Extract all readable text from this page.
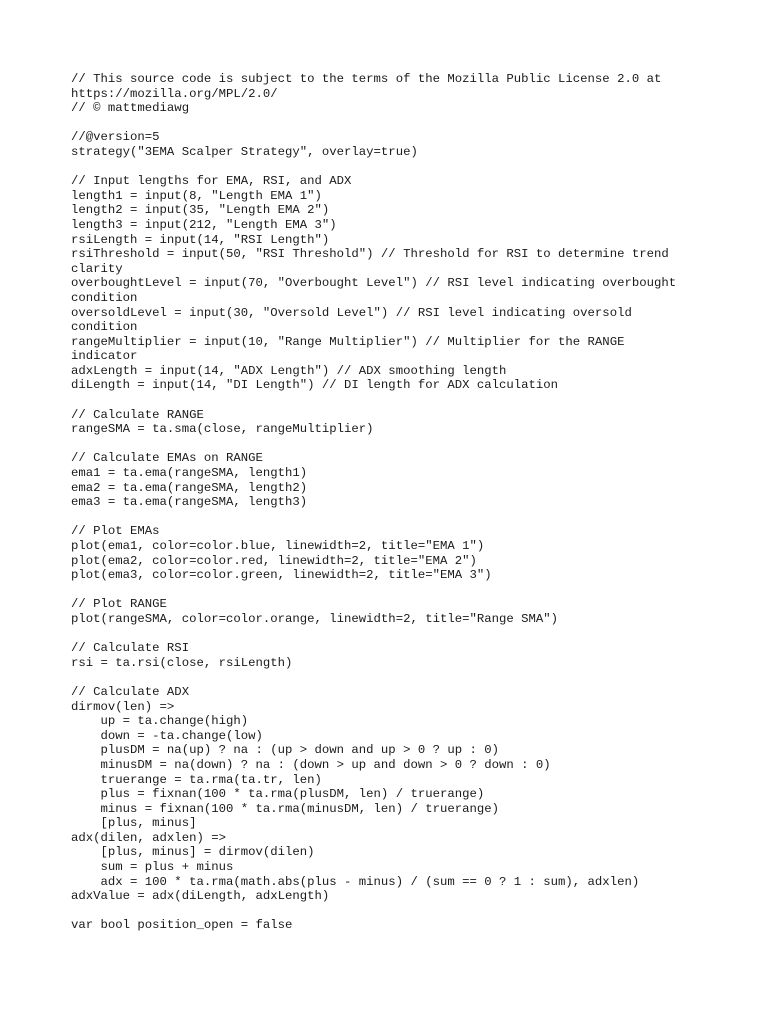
// This source code is subject to the terms of the Mozilla Public License 2.0 at
https://mozilla.org/MPL/2.0/
// © mattmediawg
//@version=5
strategy("3EMA Scalper Strategy", overlay=true)
// Input lengths for EMA, RSI, and ADX
length1 = input(8, "Length EMA 1")
length2 = input(35, "Length EMA 2")
length3 = input(212, "Length EMA 3")
rsiLength = input(14, "RSI Length")
rsiThreshold = input(50, "RSI Threshold") // Threshold for RSI to determine trend
clarity
overboughtLevel = input(70, "Overbought Level") // RSI level indicating overbought
condition
oversoldLevel = input(30, "Oversold Level") // RSI level indicating oversold
condition
rangeMultiplier = input(10, "Range Multiplier") // Multiplier for the RANGE
indicator
adxLength = input(14, "ADX Length") // ADX smoothing length
diLength = input(14, "DI Length") // DI length for ADX calculation
// Calculate RANGE
rangeSMA = ta.sma(close, rangeMultiplier)
// Calculate EMAs on RANGE
ema1 = ta.ema(rangeSMA, length1)
ema2 = ta.ema(rangeSMA, length2)
ema3 = ta.ema(rangeSMA, length3)
// Plot EMAs
plot(ema1, color=color.blue, linewidth=2, title="EMA 1")
plot(ema2, color=color.red, linewidth=2, title="EMA 2")
plot(ema3, color=color.green, linewidth=2, title="EMA 3")
// Plot RANGE
plot(rangeSMA, color=color.orange, linewidth=2, title="Range SMA")
// Calculate RSI
rsi = ta.rsi(close, rsiLength)
// Calculate ADX
dirmov(len) =>
up = ta.change(high)
down = -ta.change(low)
plusDM = na(up) ? na : (up > down and up > 0 ? up : 0)
minusDM = na(down) ? na : (down > up and down > 0 ? down : 0)
truerange = ta.rma(ta.tr, len)
plus = fixnan(100 * ta.rma(plusDM, len) / truerange)
minus = fixnan(100 * ta.rma(minusDM, len) / truerange)
[plus, minus]
adx(dilen, adxlen) =>
[plus, minus] = dirmov(dilen)
sum = plus + minus
adx = 100 * ta.rma(math.abs(plus - minus) / (sum == 0 ? 1 : sum), adxlen)
adxValue = adx(diLength, adxLength)
var bool position_open = false
